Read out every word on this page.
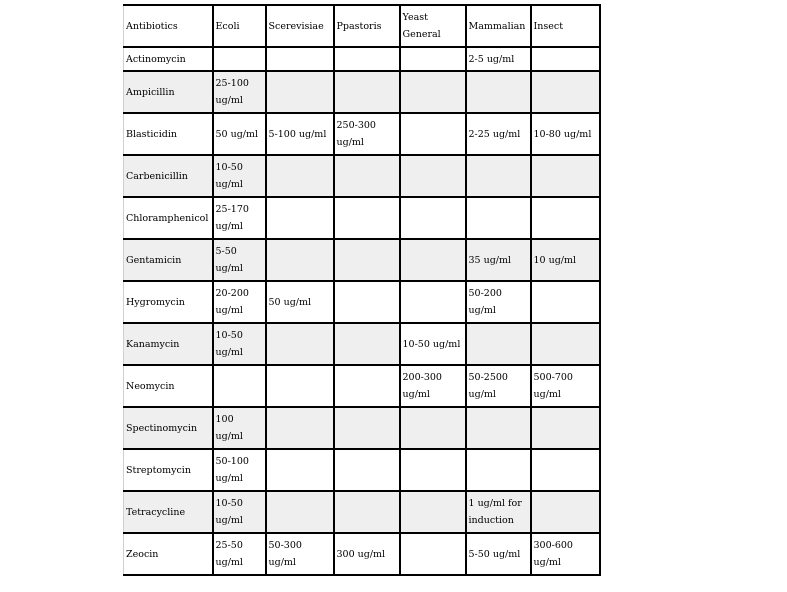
Antibiotics	Ecoli	Scerevisiae	Ppastoris	Yeast General	Mammalian	Insect
Actinomycin					2-5 ug/ml	
Ampicillin	25-100 ug/ml					
Blasticidin	50 ug/ml	5-100 ug/ml	250-300 ug/ml		2-25 ug/ml	10-80 ug/ml
Carbenicillin	10-50 ug/ml					
Chloramphenicol	25-170 ug/ml					
Gentamicin	5-50 ug/ml				35 ug/ml	10 ug/ml
Hygromycin	20-200 ug/ml	50 ug/ml			50-200 ug/ml	
Kanamycin	10-50 ug/ml			10-50 ug/ml		
Neomycin				200-300 ug/ml	50-2500 ug/ml	500-700 ug/ml
Spectinomycin	100 ug/ml					
Streptomycin	50-100 ug/ml					
Tetracycline	10-50 ug/ml				1 ug/ml for induction	
Zeocin	25-50 ug/ml	50-300 ug/ml	300 ug/ml		5-50 ug/ml	300-600 ug/ml
